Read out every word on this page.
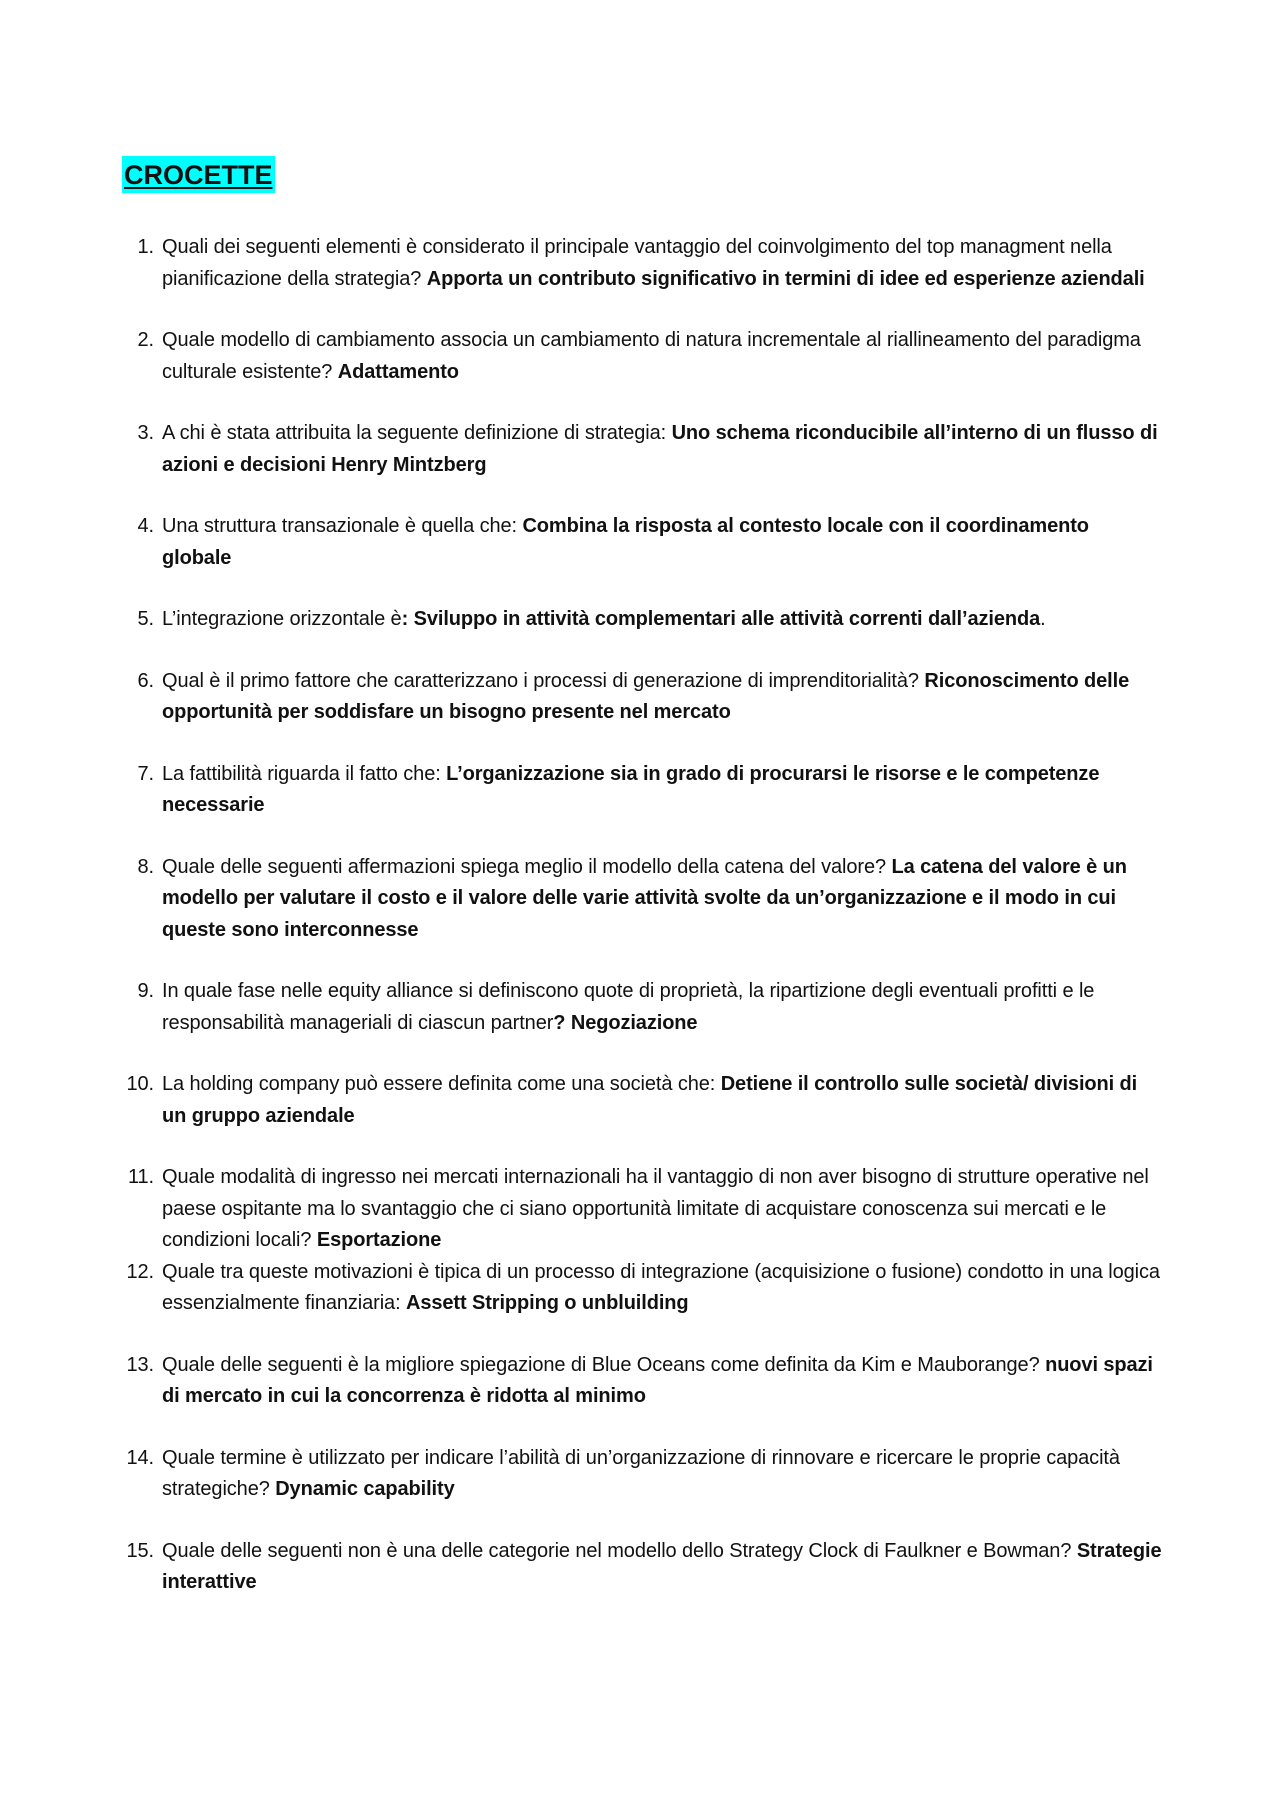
CROCETTE
1. Quali dei seguenti elementi è considerato il principale vantaggio del coinvolgimento del top managment nella pianificazione della strategia? Apporta un contributo significativo in termini di idee ed esperienze aziendali
2. Quale modello di cambiamento associa un cambiamento di natura incrementale al riallineamento del paradigma culturale esistente? Adattamento
3. A chi è stata attribuita la seguente definizione di strategia: Uno schema riconducibile all’interno di un flusso di azioni e decisioni Henry Mintzberg
4. Una struttura transazionale è quella che: Combina la risposta al contesto locale con il coordinamento globale
5. L’integrazione orizzontale è: Sviluppo in attività complementari alle attività correnti dall’azienda.
6. Qual è il primo fattore che caratterizzano i processi di generazione di imprenditorialità? Riconoscimento delle opportunità per soddisfare un bisogno presente nel mercato
7. La fattibilità riguarda il fatto che: L’organizzazione sia in grado di procurarsi le risorse e le competenze necessarie
8. Quale delle seguenti affermazioni spiega meglio il modello della catena del valore? La catena del valore è un modello per valutare il costo e il valore delle varie attività svolte da un’organizzazione e il modo in cui queste sono interconnesse
9. In quale fase nelle equity alliance si definiscono quote di proprietà, la ripartizione degli eventuali profitti e le responsabilità manageriali di ciascun partner? Negoziazione
10. La holding company può essere definita come una società che: Detiene il controllo sulle società/ divisioni di un gruppo aziendale
11. Quale modalità di ingresso nei mercati internazionali ha il vantaggio di non aver bisogno di strutture operative nel paese ospitante ma lo svantaggio che ci siano opportunità limitate di acquistare conoscenza sui mercati e le condizioni locali? Esportazione
12. Quale tra queste motivazioni è tipica di un processo di integrazione (acquisizione o fusione) condotto in una logica essenzialmente finanziaria: Assett Stripping o unbluilding
13. Quale delle seguenti è la migliore spiegazione di Blue Oceans come definita da Kim e Mauborange? nuovi spazi di mercato in cui la concorrenza è ridotta al minimo
14. Quale termine è utilizzato per indicare l’abilità di un’organizzazione di rinnovare e ricercare le proprie capacità strategiche? Dynamic capability
15. Quale delle seguenti non è una delle categorie nel modello dello Strategy Clock di Faulkner e Bowman? Strategie interattive
